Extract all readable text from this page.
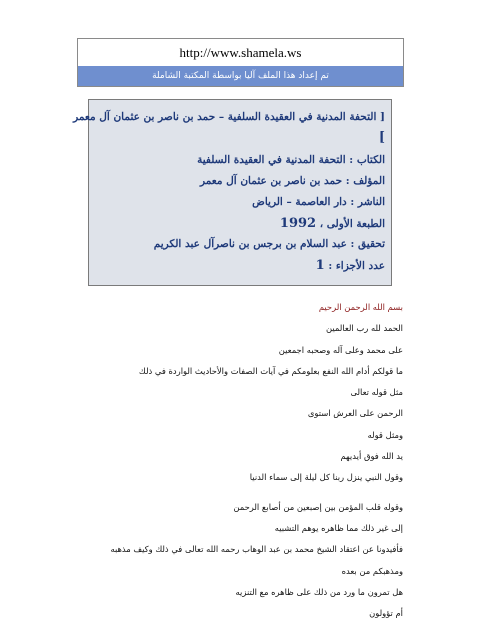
http://www.shamela.ws
تم إعداد هذا الملف آليا بواسطة المكتبة الشاملة
[ التحفة المدنية في العقيدة السلفية – حمد بن ناصر بن عثمان آل معمر
]
الكتاب : التحفة المدنية في العقيدة السلفية
المؤلف : حمد بن ناصر بن عثمان آل معمر
الناشر : دار العاصمة – الرياض
الطبعة الأولى ، 1992
تحقيق : عبد السلام بن برجس بن ناصرآل عبد الكريم
عدد الأجزاء : 1
بسم الله الرحمن الرحيم
الحمد لله رب العالمين
على محمد وعلى آله وصحبه اجمعين
ما قولكم أدام الله النفع بعلومكم في آيات الصفات والأحاديث الواردة في ذلك
مثل قوله تعالى
الرحمن على العرش استوى
ومثل قوله
يد الله فوق أيديهم
وقول النبي ينزل ربنا كل ليلة إلى سماء الدنيا
وقوله قلب المؤمن بين إصبعين من أصابع الرحمن
إلى غير ذلك مما ظاهره يوهم التشبيه
فأفيدونا عن اعتقاد الشيخ محمد بن عبد الوهاب رحمه الله تعالى في ذلك وكيف مذهبه
ومذهبكم من بعده
هل تمرون ما ورد من ذلك على ظاهره مع التنزيه
أم تؤولون
